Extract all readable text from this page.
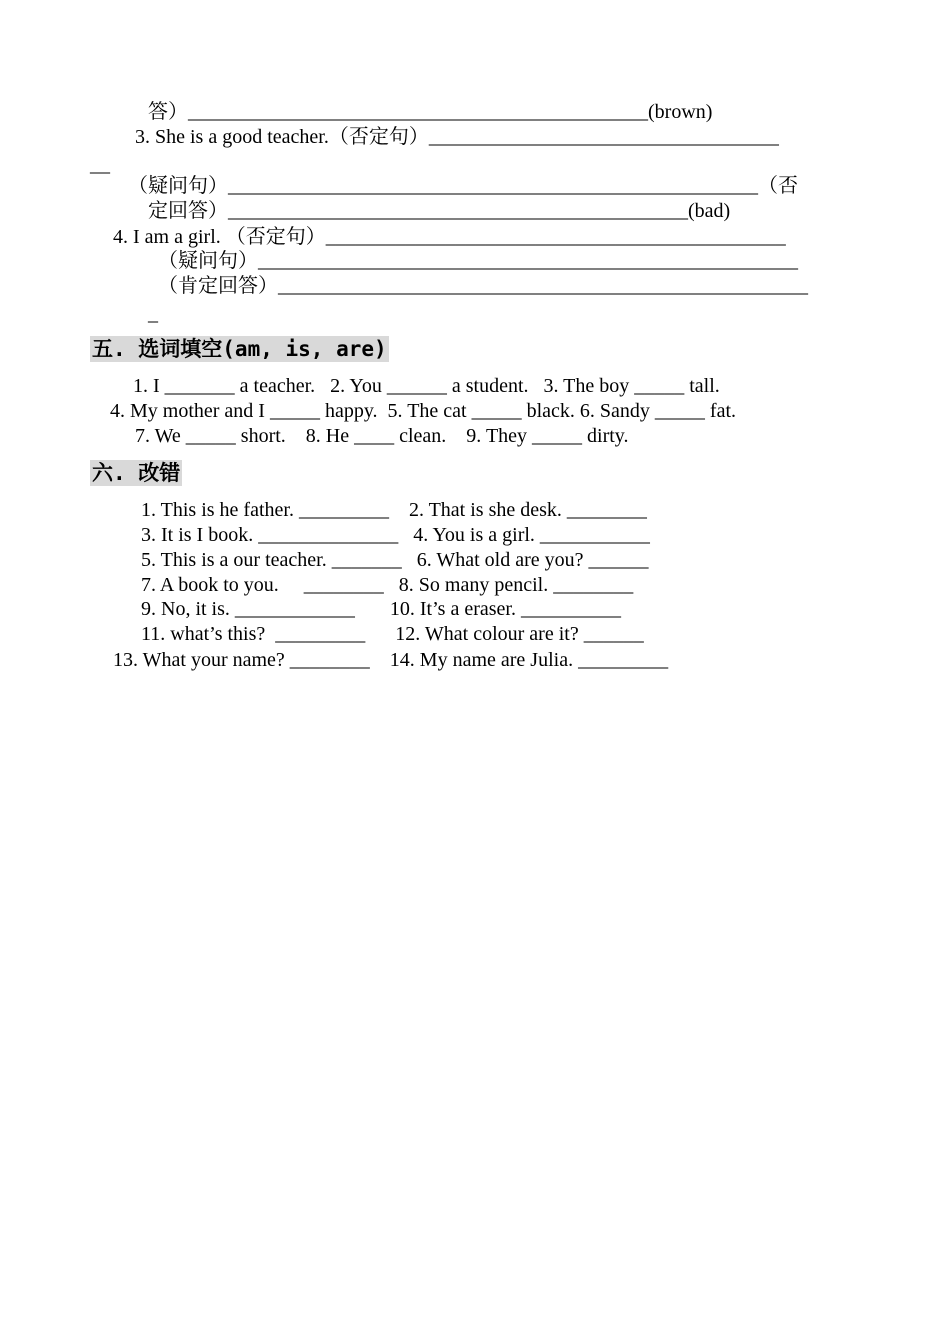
答）______________________________________________(brown)
3. She is a good teacher.（否定句）___________________________________
__
（疑问句）_____________________________________________________（否
定回答）______________________________________________(bad)
4. I am a girl. （否定句）______________________________________________
（疑问句）______________________________________________________
（肯定回答）_____________________________________________________
_
五. 选词填空(am, is, are)
1. I _______ a teacher.   2. You ______ a student.   3. The boy _____ tall.
4. My mother and I _____ happy.  5. The cat _____ black. 6. Sandy _____ fat.
7. We _____ short.    8. He ____ clean.    9. They _____ dirty.
六. 改错
1. This is he father. _________    2. That is she desk. ________
3. It is I book. ______________   4. You is a girl. ___________
5. This is a our teacher. _______   6. What old are you? ______
7. A book to you.     ________   8. So many pencil. ________
9. No, it is. ____________       10. It’s a eraser. __________
11. what’s this?  _________      12. What colour are it? ______
13. What your name? ________    14. My name are Julia. _________
